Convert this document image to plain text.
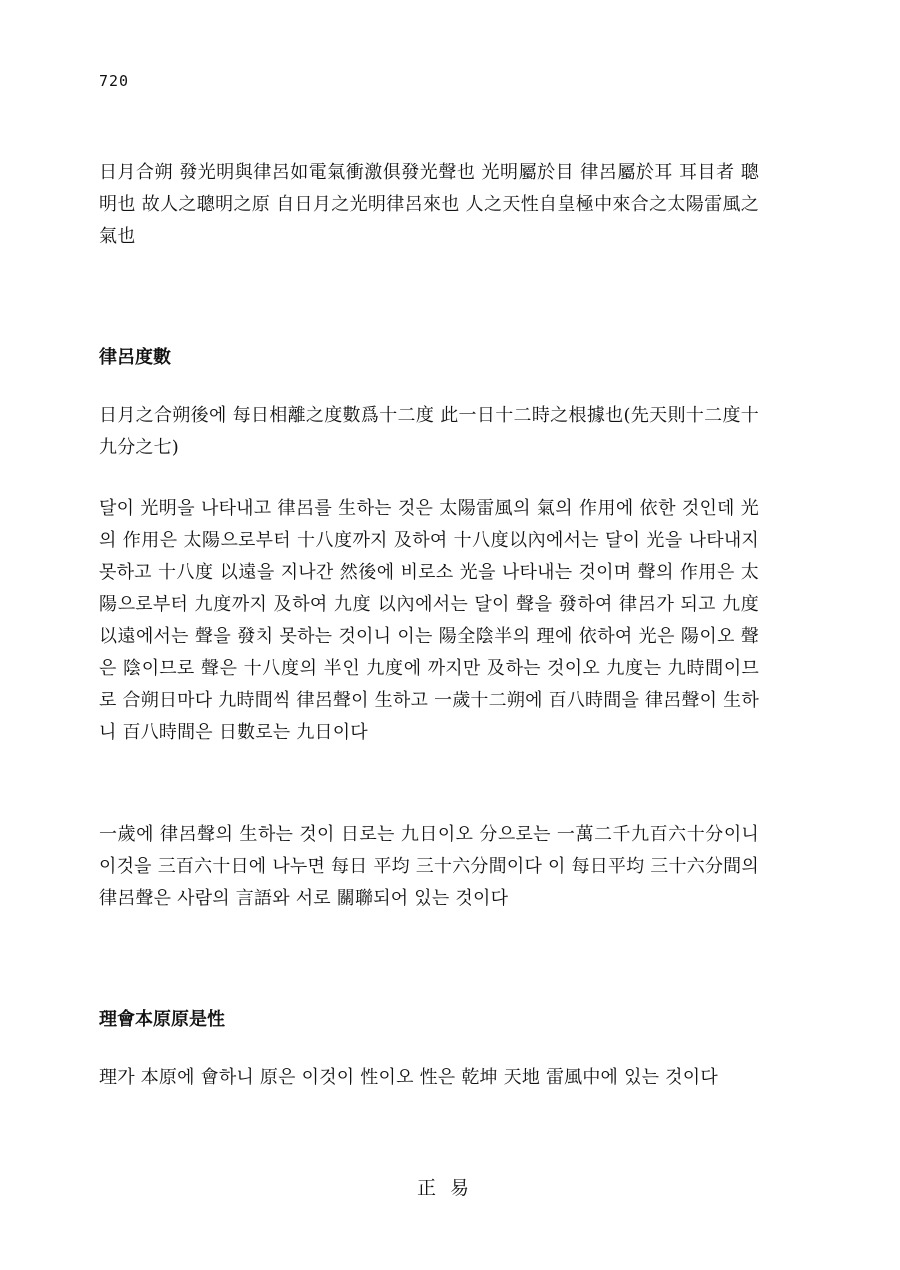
720
日月合朔 發光明與律呂如電氣衝激俱發光聲也 光明屬於目 律呂屬於耳 耳目者 聰明也 故人之聰明之原 自日月之光明律呂來也 人之天性自皇極中來合之太陽雷風之氣也
律呂度數
日月之合朔後에 每日相離之度數爲十二度 此一日十二時之根據也(先天則十二度十九分之七)
달이 光明을 나타내고 律呂를 生하는 것은 太陽雷風의 氣의 作用에 依한 것인데 光의 作用은 太陽으로부터 十八度까지 及하여 十八度以內에서는 달이 光을 나타내지 못하고 十八度 以遠을 지나간 然後에 비로소 光을 나타내는 것이며 聲의 作用은 太陽으로부터 九度까지 及하여 九度 以內에서는 달이 聲을 發하여 律呂가 되고 九度 以遠에서는 聲을 發치 못하는 것이니 이는 陽全陰半의 理에 依하여 光은 陽이오 聲은 陰이므로 聲은 十八度의 半인 九度에 까지만 及하는 것이오 九度는 九時間이므로 合朔日마다 九時間씩 律呂聲이 生하고 一歲十二朔에 百八時間을 律呂聲이 生하니 百八時間은 日數로는 九日이다
一歲에 律呂聲의 生하는 것이 日로는 九日이오 分으로는 一萬二千九百六十分이니 이것을 三百六十日에 나누면 每日 平均 三十六分間이다 이 每日平均 三十六分間의 律呂聲은 사람의 言語와 서로 關聯되어 있는 것이다
理會本原原是性
理가 本原에 會하니 原은 이것이 性이오 性은 乾坤 天地 雷風中에 있는 것이다
正易
